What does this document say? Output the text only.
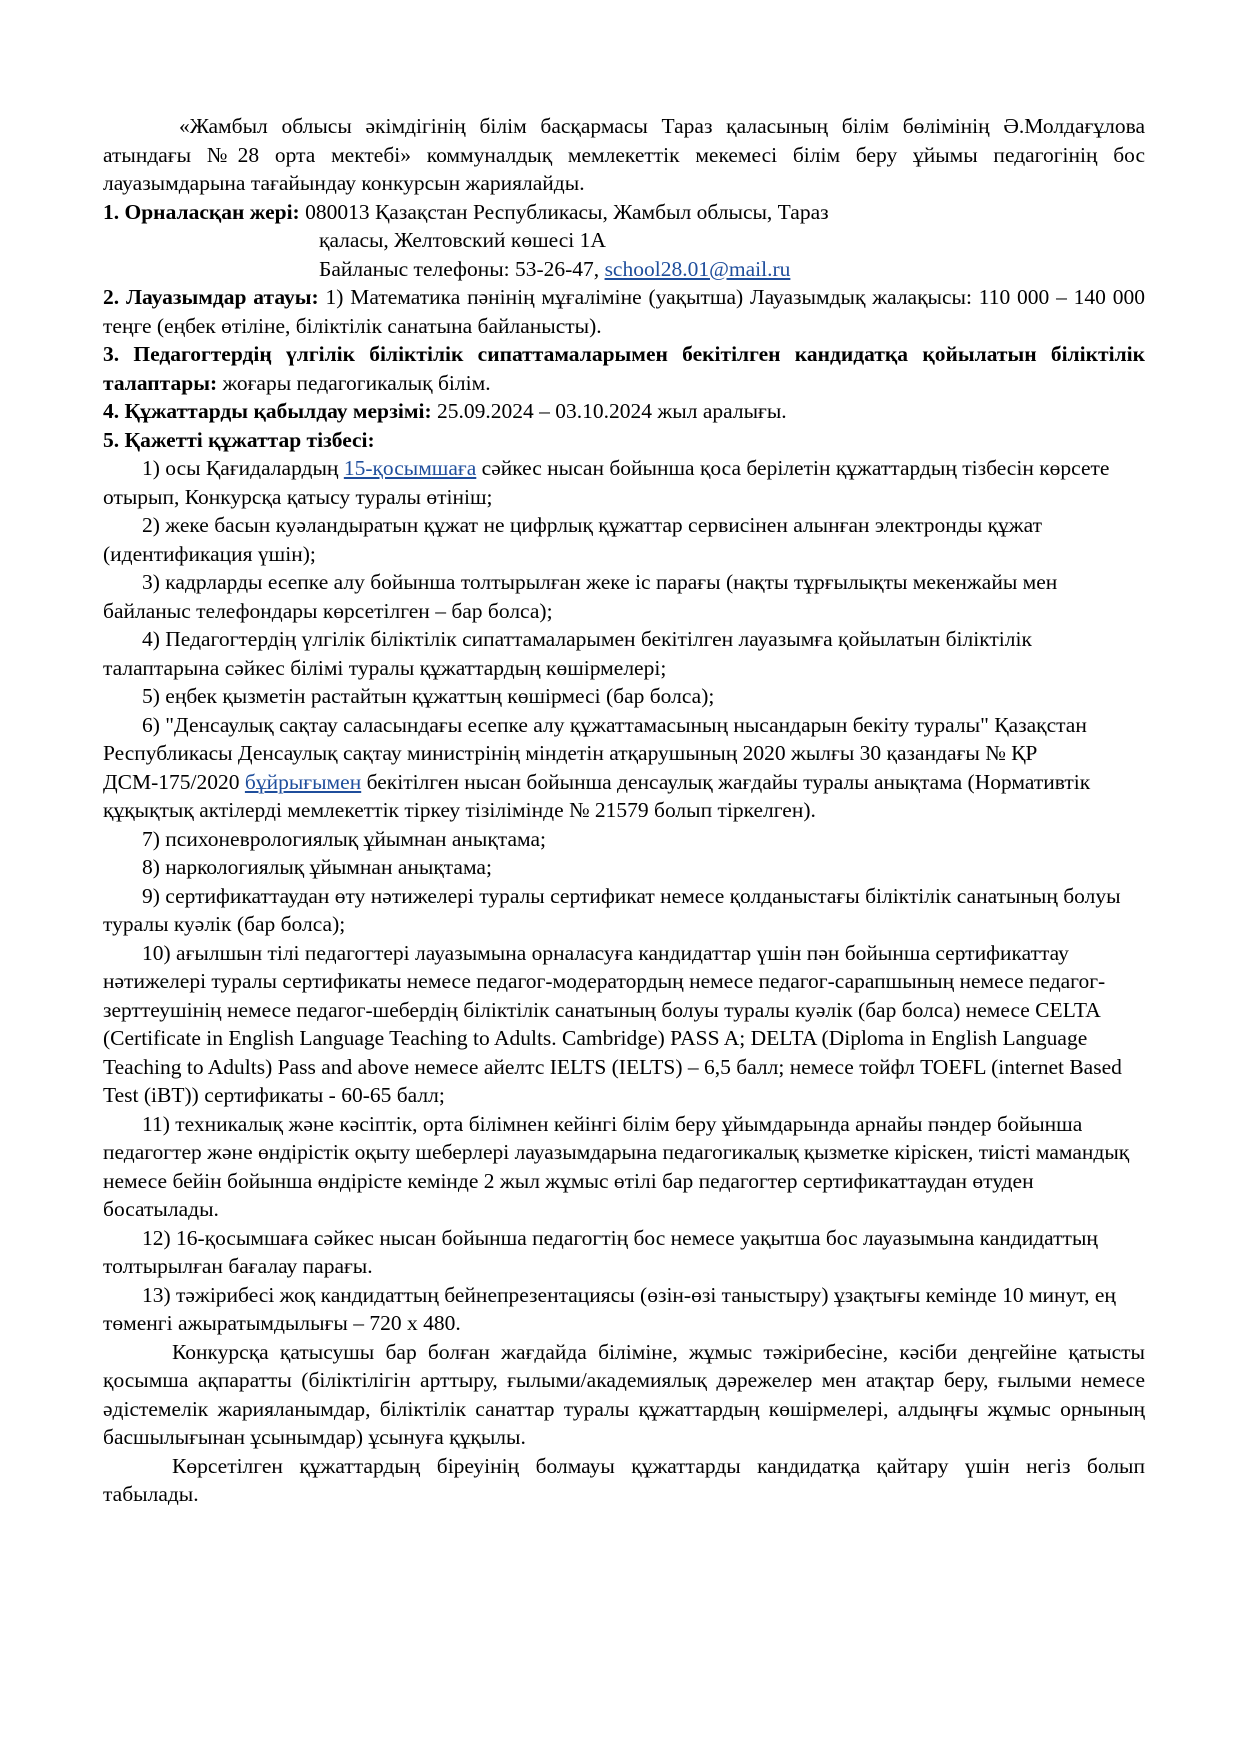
«Жамбыл облысы әкімдігінің білім басқармасы Тараз қаласының білім бөлімінің Ә.Молдағұлова атындағы №28 орта мектебі» коммуналдық мемлекеттік мекемесі білім беру ұйымы педагогінің бос лауазымдарына тағайындау конкурсын жариялайды.

1. Орналасқан жері: 080013 Қазақстан Республикасы, Жамбыл облысы, Тараз

қаласы, Желтовский көшесі 1А

Байланыс телефоны: 53-26-47, school28.01@mail.ru

2. Лауазымдар атауы: 1) Математика пәнінің мұғаліміне (уақытша) Лауазымдық жалақысы: 110 000 – 140 000 теңге (еңбек өтіліне, біліктілік санатына байланысты).

3. Педагогтердің үлгілік біліктілік сипаттамаларымен бекітілген кандидатқа қойылатын біліктілік талаптары: жоғары педагогикалық білім.

4. Құжаттарды қабылдау мерзімі: 25.09.2024 – 03.10.2024 жыл аралығы.

5. Қажетті құжаттар тізбесі:

1) осы Қағидалардың 15-қосымшаға сәйкес нысан бойынша қоса берілетін құжаттардың тізбесін көрсете отырып, Конкурсқа қатысу туралы өтініш;

2) жеке басын куәландыратын құжат не цифрлық құжаттар сервисінен алынған электронды құжат (идентификация үшін);

3) кадрларды есепке алу бойынша толтырылған жеке іс парағы (нақты тұрғылықты мекенжайы мен байланыс телефондары көрсетілген – бар болса);

4) Педагогтердің үлгілік біліктілік сипаттамаларымен бекітілген лауазымға қойылатын біліктілік талаптарына сәйкес білімі туралы құжаттардың көшірмелері;

5) еңбек қызметін растайтын құжаттың көшірмесі (бар болса);

6) "Денсаулық сақтау саласындағы есепке алу құжаттамасының нысандарын бекіту туралы" Қазақстан Республикасы Денсаулық сақтау министрінің міндетін атқарушының 2020 жылғы 30 қазандағы № ҚР ДСМ-175/2020 бұйрығымен бекітілген нысан бойынша денсаулық жағдайы туралы анықтама (Нормативтік құқықтық актілерді мемлекеттік тіркеу тізілімінде № 21579 болып тіркелген).

7) психоневрологиялық ұйымнан анықтама;

8) наркологиялық ұйымнан анықтама;

9) сертификаттаудан өту нәтижелері туралы сертификат немесе қолданыстағы біліктілік санатының болуы туралы куәлік (бар болса);

10) ағылшын тілі педагогтері лауазымына орналасуға кандидаттар үшін пән бойынша сертификаттау нәтижелері туралы сертификаты немесе педагог-модератордың немесе педагог-сарапшының немесе педагог-зерттеушінің немесе педагог-шебердің біліктілік санатының болуы туралы куәлік (бар болса) немесе CELTA (Certificate in English Language Teaching to Adults. Cambridge) PASS A; DELTA (Diploma in English Language Teaching to Adults) Pass and above немесе айелтс IELTS (IELTS) – 6,5 балл; немесе тойфл TOEFL (internet Based Test (iBT)) сертификаты - 60-65 балл;

11) техникалық және кәсіптік, орта білімнен кейінгі білім беру ұйымдарында арнайы пәндер бойынша педагогтер және өндірістік оқыту шеберлері лауазымдарына педагогикалық қызметке кіріскен, тиісті мамандық немесе бейін бойынша өндірісте кемінде 2 жыл жұмыс өтілі бар педагогтер сертификаттаудан өтуден босатылады.

12) 16-қосымшаға сәйкес нысан бойынша педагогтің бос немесе уақытша бос лауазымына кандидаттың толтырылған бағалау парағы.

13) тәжірибесі жоқ кандидаттың бейнепрезентациясы (өзін-өзі таныстыру) ұзақтығы кемінде 10 минут, ең төменгі ажыратымдылығы – 720 x 480.

Конкурсқа қатысушы бар болған жағдайда біліміне, жұмыс тәжірибесіне, кәсіби деңгейіне қатысты қосымша ақпаратты (біліктілігін арттыру, ғылыми/академиялық дәрежелер мен атақтар беру, ғылыми немесе әдістемелік жарияланымдар, біліктілік санаттар туралы құжаттардың көшірмелері, алдыңғы жұмыс орнының басшылығынан ұсынымдар) ұсынуға құқылы.

Көрсетілген құжаттардың біреуінің болмауы құжаттарды кандидатқа қайтару үшін негіз болып табылады.
